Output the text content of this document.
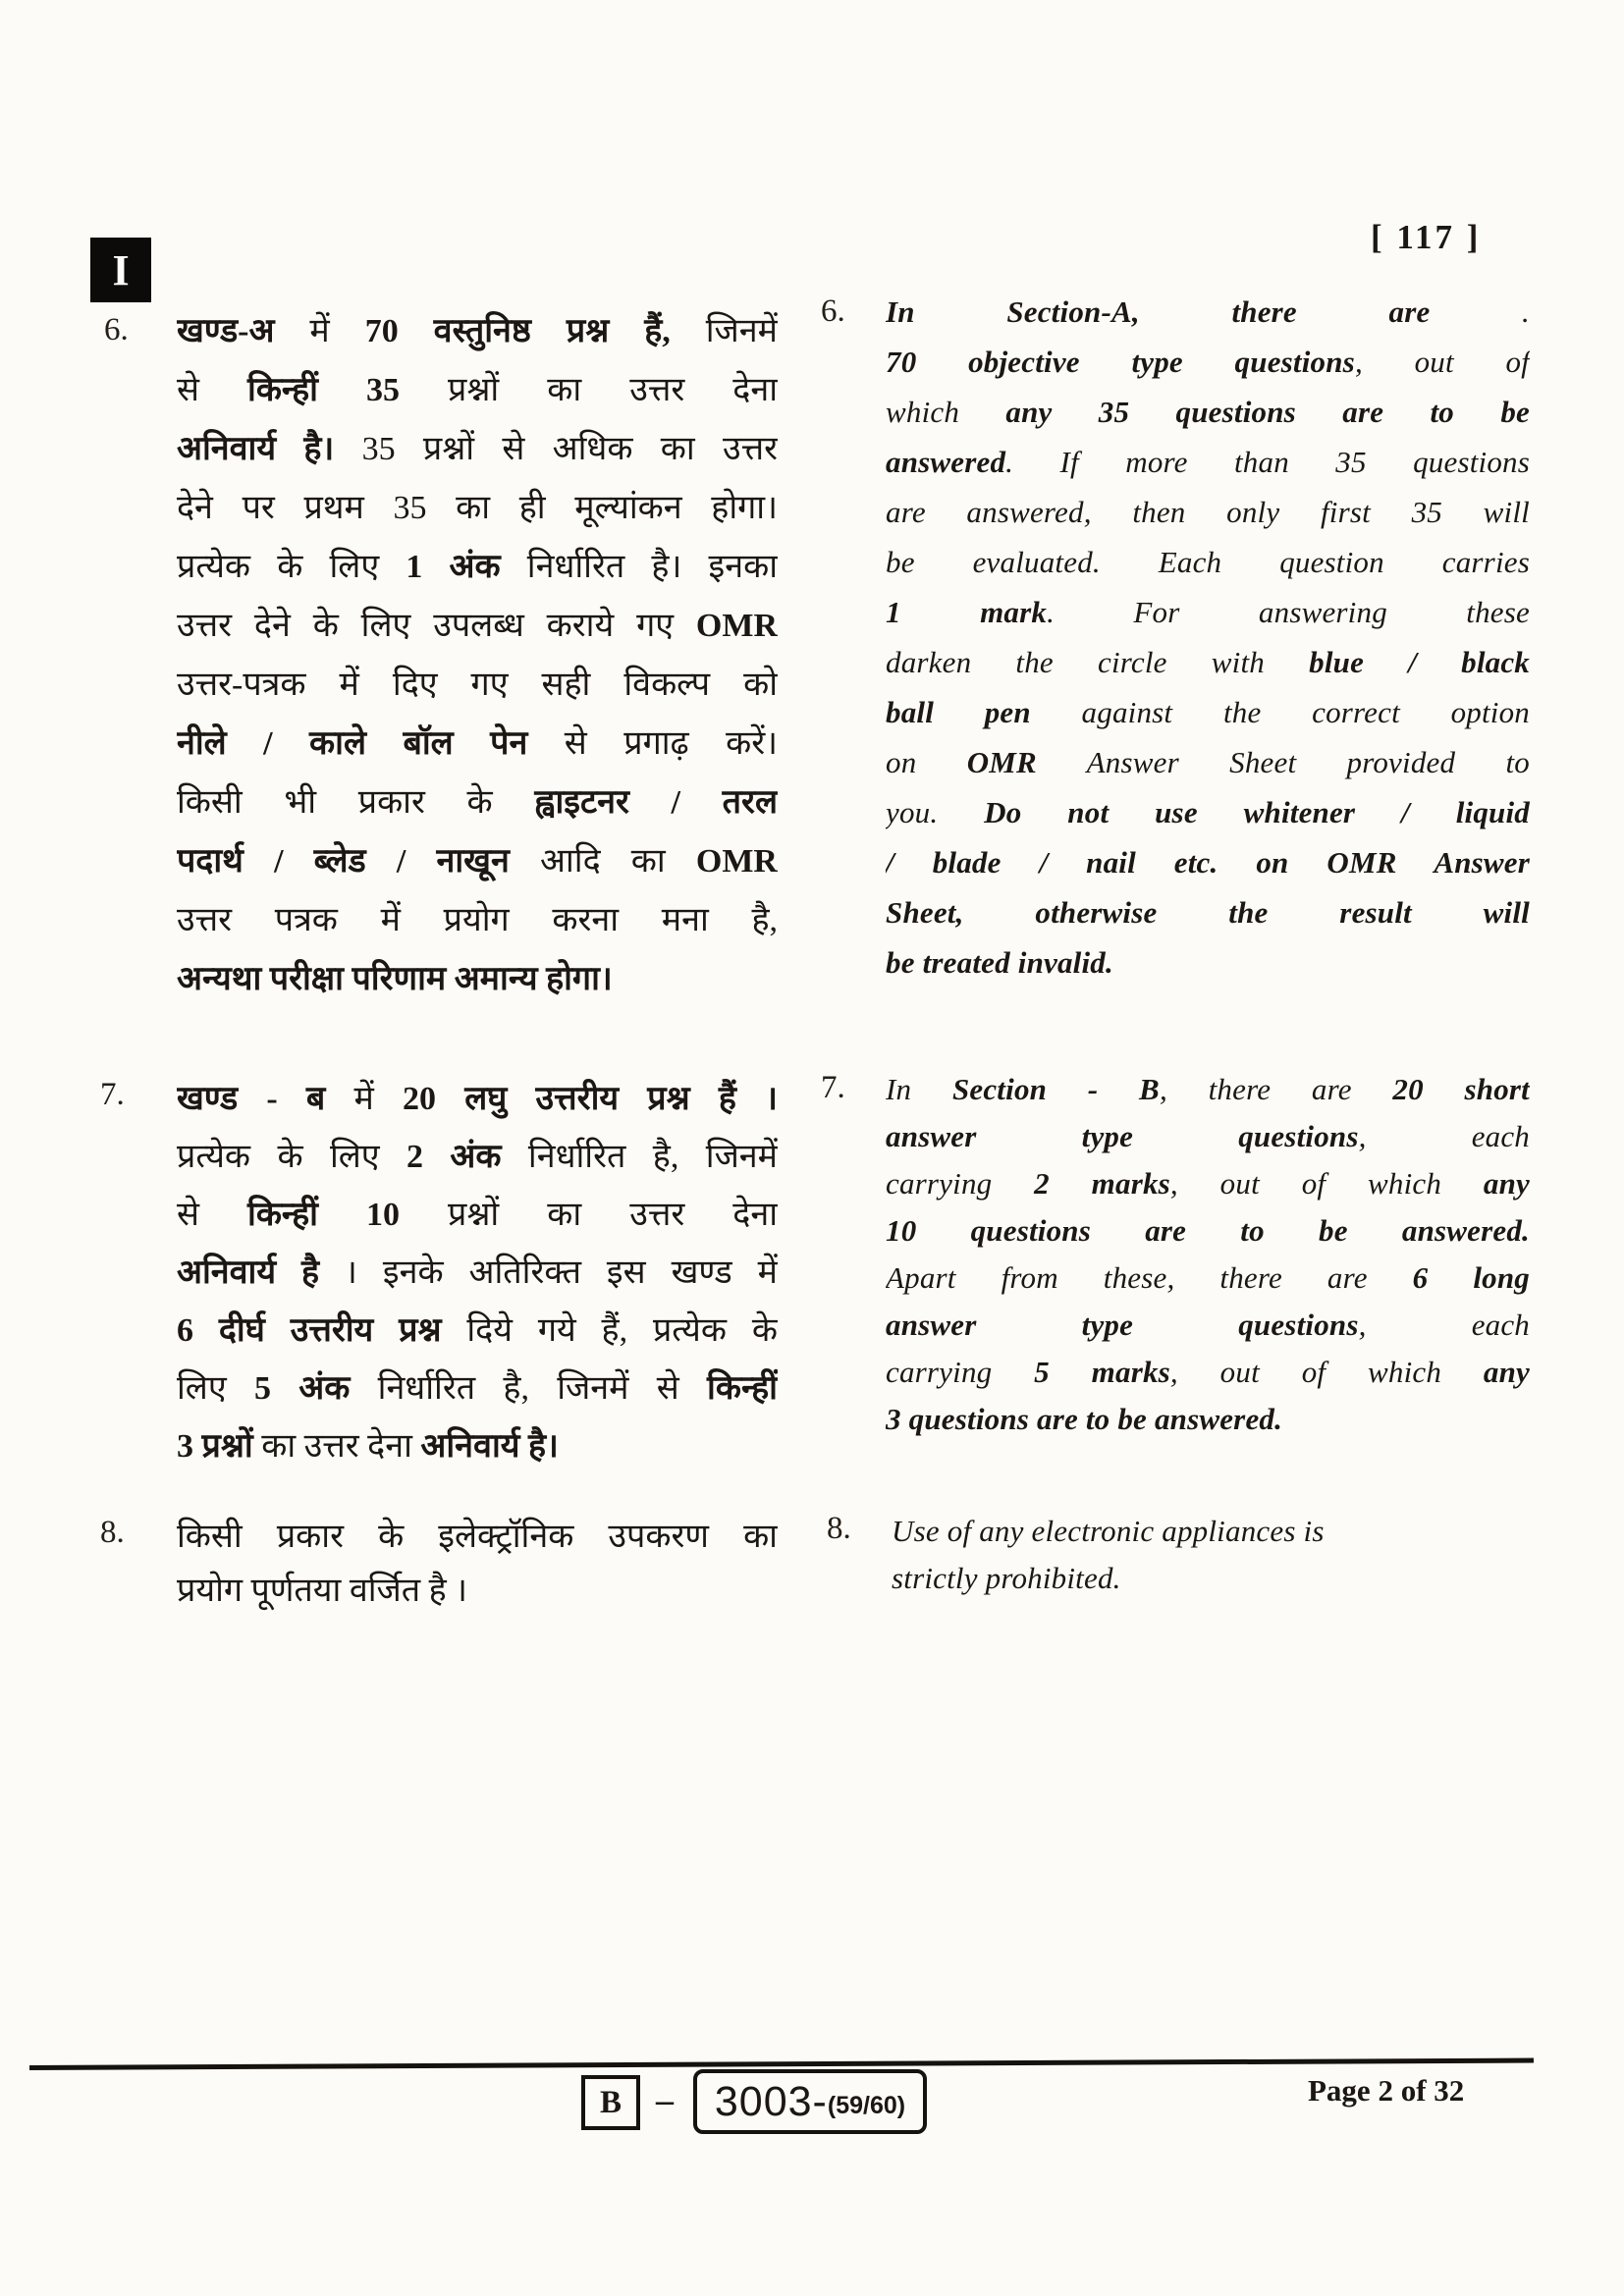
I
[ 117 ]
6. खण्ड-अ में 70 वस्तुनिष्ठ प्रश्न हैं, जिनमें
से किन्हीं 35 प्रश्नों का उत्तर देना
अनिवार्य है। 35 प्रश्नों से अधिक का उत्तर
देने पर प्रथम 35 का ही मूल्यांकन होगा।
प्रत्येक के लिए 1 अंक निर्धारित है। इनका
उत्तर देने के लिए उपलब्ध कराये गए OMR
उत्तर-पत्रक में दिए गए सही विकल्प को
नीले / काले बॉल पेन से प्रगाढ़ करें।
किसी भी प्रकार के ह्वाइटनर / तरल
पदार्थ / ब्लेड / नाखून आदि का OMR
उत्तर पत्रक में प्रयोग करना मना है,
अन्यथा परीक्षा परिणाम अमान्य होगा।
6. In Section-A, there are .
70 objective type questions, out of
which any 35 questions are to be
answered. If more than 35 questions
are answered, then only first 35 will
be evaluated. Each question carries
1 mark. For answering these
darken the circle with blue / black
ball pen against the correct option
on OMR Answer Sheet provided to
you. Do not use whitener / liquid
/ blade / nail etc. on OMR Answer
Sheet, otherwise the result will
be treated invalid.
7. खण्ड - ब में 20 लघु उत्तरीय प्रश्न हैं ।
प्रत्येक के लिए 2 अंक निर्धारित है, जिनमें
से किन्हीं 10 प्रश्नों का उत्तर देना
अनिवार्य है । इनके अतिरिक्त इस खण्ड में
6 दीर्घ उत्तरीय प्रश्न दिये गये हैं, प्रत्येक के
लिए 5 अंक निर्धारित है, जिनमें से किन्हीं
3 प्रश्नों का उत्तर देना अनिवार्य है।
7. In Section - B, there are 20 short
answer type questions, each
carrying 2 marks, out of which any
10 questions are to be answered.
Apart from these, there are 6 long
answer type questions, each
carrying 5 marks, out of which any
3 questions are to be answered.
8. किसी प्रकार के इलेक्ट्रॉनिक उपकरण का
प्रयोग पूर्णतया वर्जित है ।
8. Use of any electronic appliances is
strictly prohibited.
B – 3003- (59/60)	Page 2 of 32
